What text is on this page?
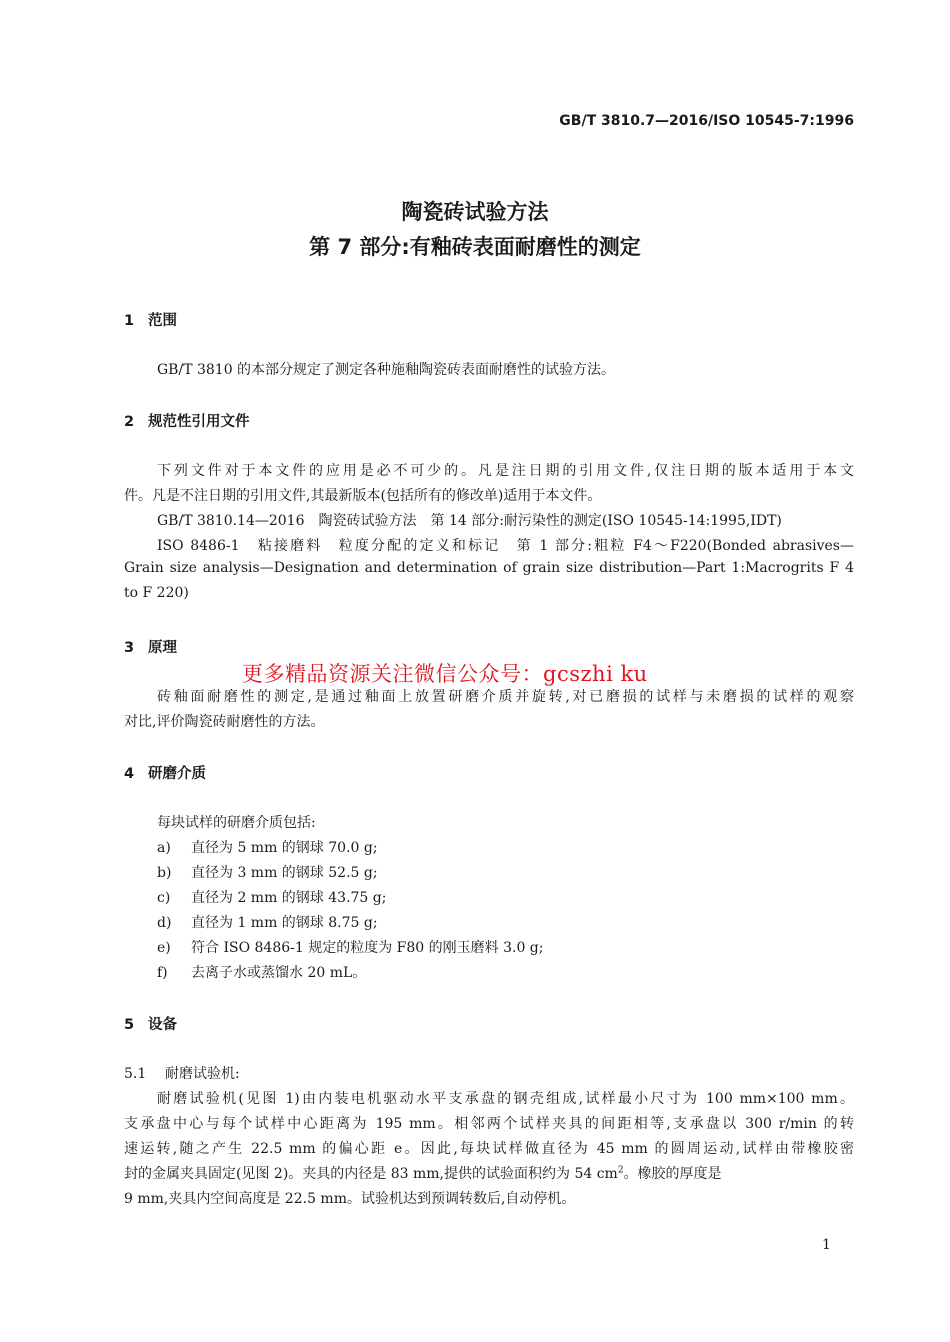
GB/T 3810.7—2016/ISO 10545-7:1996
陶瓷砖试验方法
第 7 部分:有釉砖表面耐磨性的测定
1 范围
GB/T 3810 的本部分规定了测定各种施釉陶瓷砖表面耐磨性的试验方法。
2 规范性引用文件
下列文件对于本文件的应用是必不可少的。凡是注日期的引用文件,仅注日期的版本适用于本文
件。凡是不注日期的引用文件,其最新版本(包括所有的修改单)适用于本文件。
GB/T 3810.14—2016　陶瓷砖试验方法　第 14 部分:耐污染性的测定(ISO 10545-14:1995,IDT)
ISO 8486-1　粘接磨料　粒度分配的定义和标记　第 1 部分:粗粒 F4～F220(Bonded abrasives—
Grain size analysis—Designation and determination of grain size distribution—Part 1:Macrogrits F 4
to F 220)
3 原理
更多精品资源关注微信公众号：gcszhi ku
砖釉面耐磨性的测定,是通过釉面上放置研磨介质并旋转,对已磨损的试样与未磨损的试样的观察
对比,评价陶瓷砖耐磨性的方法。
4 研磨介质
每块试样的研磨介质包括:
a) 直径为 5 mm 的钢球 70.0 g;
b) 直径为 3 mm 的钢球 52.5 g;
c) 直径为 2 mm 的钢球 43.75 g;
d) 直径为 1 mm 的钢球 8.75 g;
e) 符合 ISO 8486-1 规定的粒度为 F80 的刚玉磨料 3.0 g;
f) 去离子水或蒸馏水 20 mL。
5 设备
5.1 耐磨试验机:
耐磨试验机(见图 1)由内装电机驱动水平支承盘的钢壳组成,试样最小尺寸为 100 mm×100 mm。
支承盘中心与每个试样中心距离为 195 mm。相邻两个试样夹具的间距相等,支承盘以 300 r/min 的转
速运转,随之产生 22.5 mm 的偏心距 e。因此,每块试样做直径为 45 mm 的圆周运动,试样由带橡胶密
封的金属夹具固定(见图 2)。夹具的内径是 83 mm,提供的试验面积约为 54 $cm^2$。橡胶的厚度是
9 mm,夹具内空间高度是 22.5 mm。试验机达到预调转数后,自动停机。
1
